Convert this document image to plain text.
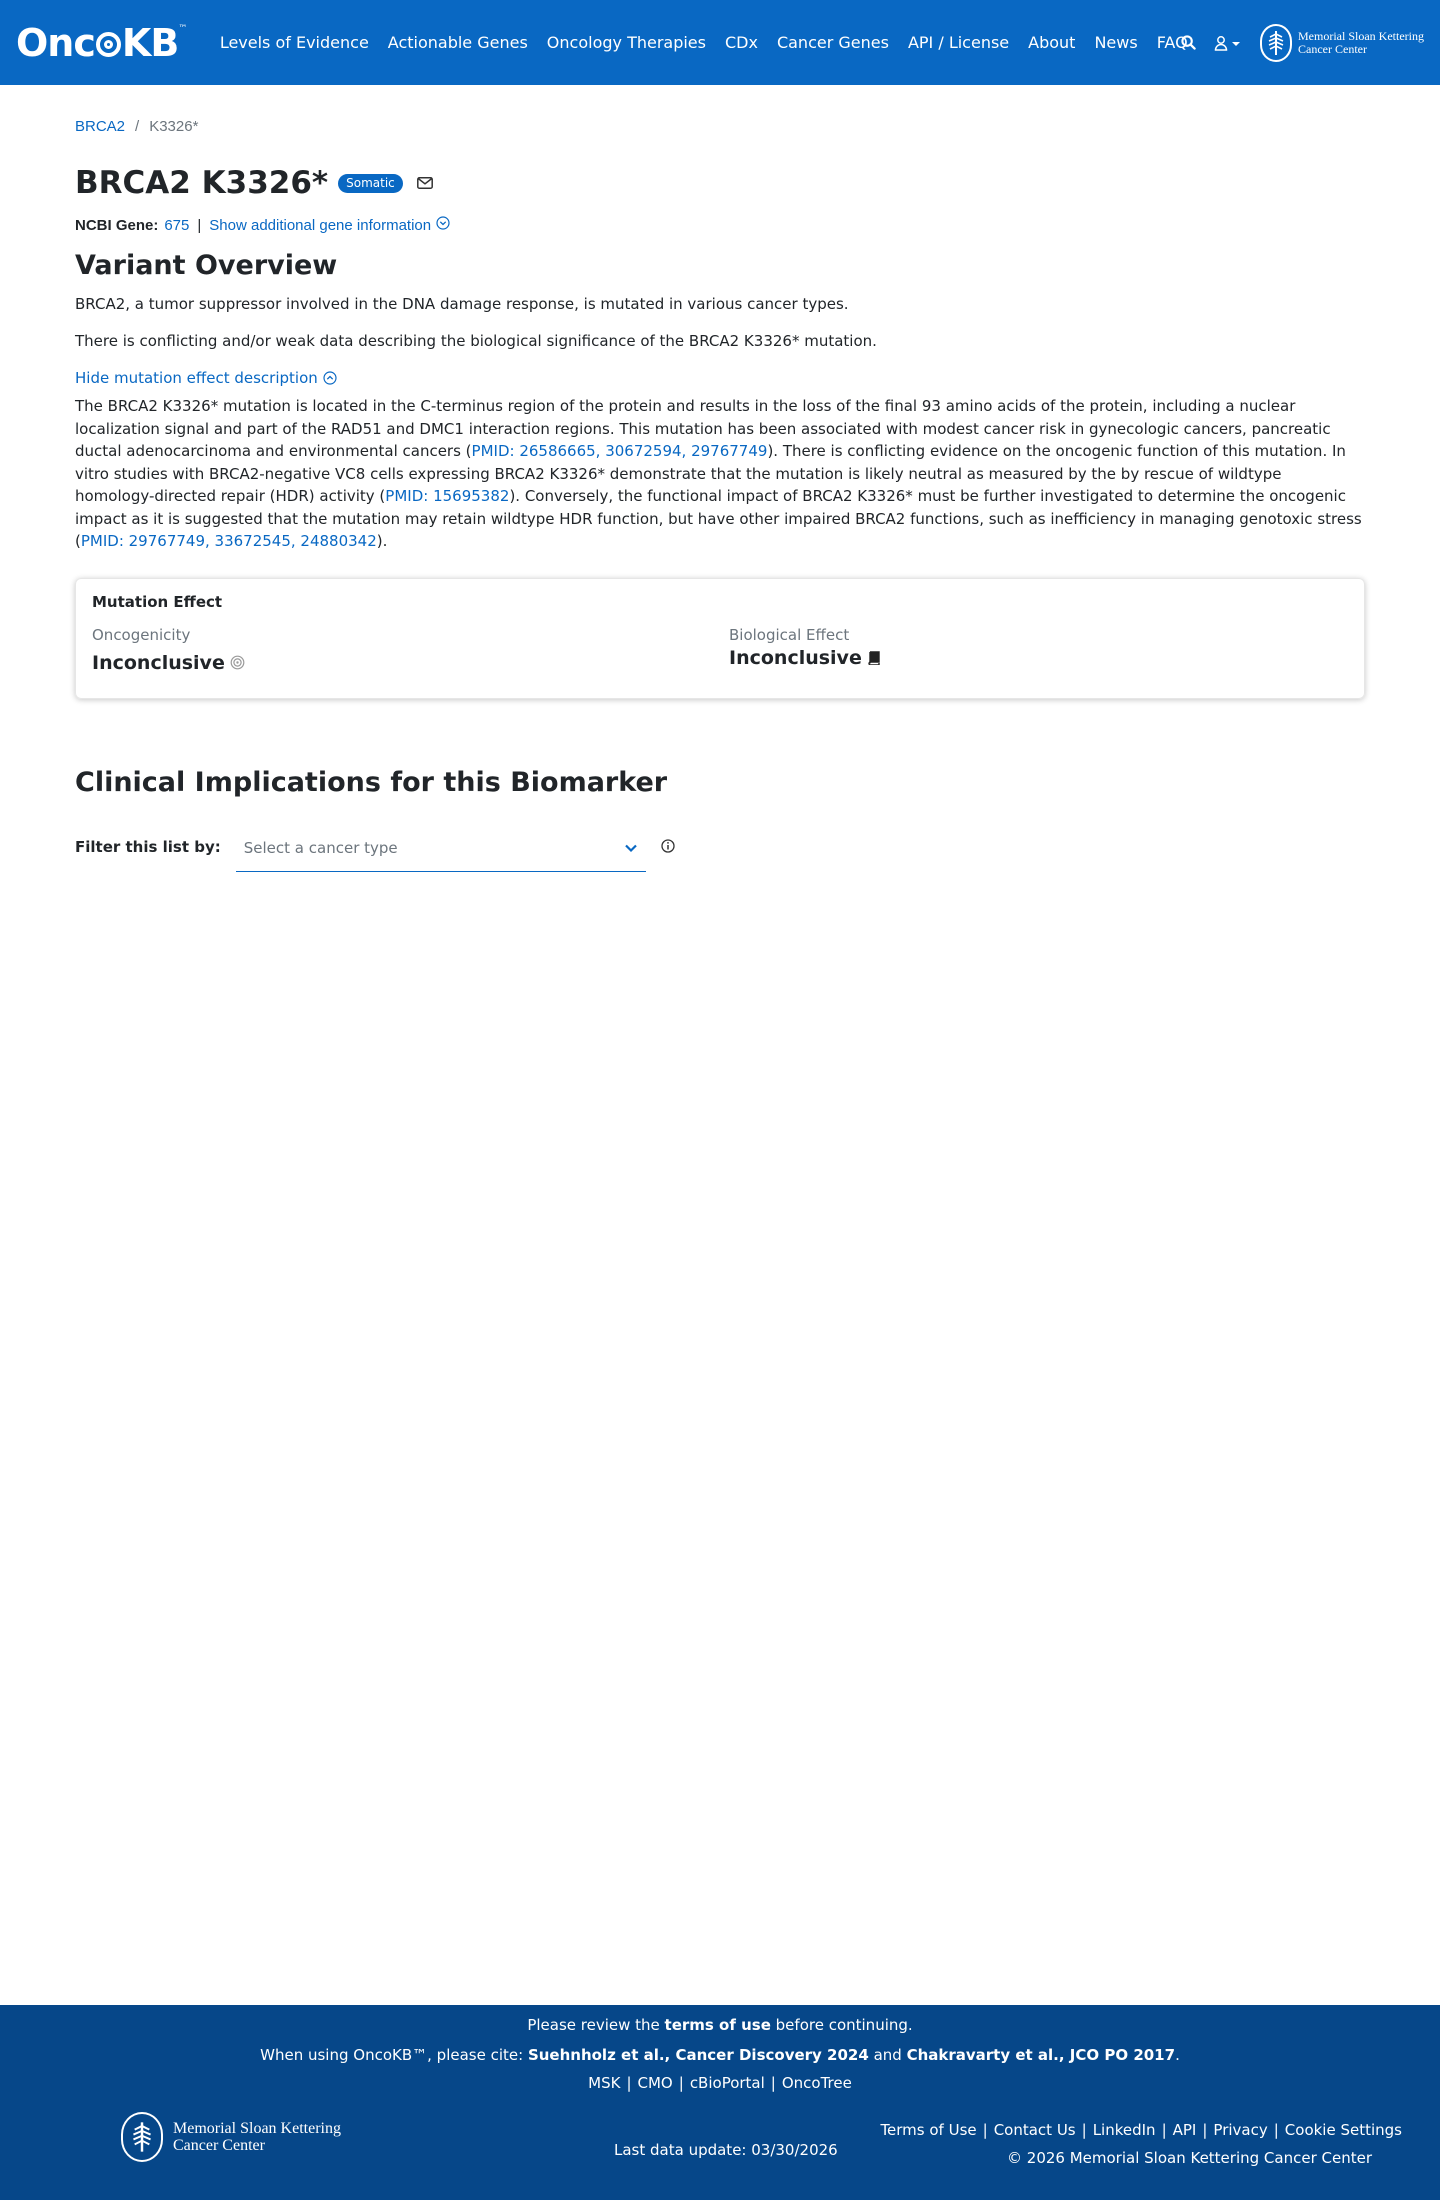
Onc KB ™
Levels of Evidence Actionable Genes Oncology Therapies CDx Cancer Genes API / License About News FAQ	Memorial Sloan Kettering
Cancer Center
BRCA2 / K3326*
BRCA2 K3326*	Somatic
NCBI Gene: 675 | Show additional gene information
Variant Overview

BRCA2, a tumor suppressor involved in the DNA damage response, is mutated in various cancer types.

There is conflicting and/or weak data describing the biological significance of the BRCA2 K3326* mutation.

Hide mutation effect description

The BRCA2 K3326* mutation is located in the C-terminus region of the protein and results in the loss of the final 93 amino acids of the protein, including a nuclear localization signal and part of the RAD51 and DMC1 interaction regions. This mutation has been associated with modest cancer risk in gynecologic cancers, pancreatic ductal adenocarcinoma and environmental cancers (PMID: 26586665, 30672594, 29767749). There is conflicting evidence on the oncogenic function of this mutation. In vitro studies with BRCA2-negative VC8 cells expressing BRCA2 K3326* demonstrate that the mutation is likely neutral as measured by the by rescue of wildtype homology-directed repair (HDR) activity (PMID: 15695382). Conversely, the functional impact of BRCA2 K3326* must be further investigated to determine the oncogenic impact as it is suggested that the mutation may retain wildtype HDR function, but have other impaired BRCA2 functions, such as inefficiency in managing genotoxic stress (PMID: 29767749, 33672545, 24880342).

Mutation Effect
Oncogenicity
Inconclusive
Biological Effect
Inconclusive
Clinical Implications for this Biomarker
Filter this list by: Select a cancer type
Please review the terms of use before continuing.
When using OncoKB™, please cite: Suehnholz et al., Cancer Discovery 2024 and Chakravarty et al., JCO PO 2017.
MSK | CMO | cBioPortal | OncoTree
Memorial Sloan Kettering
Cancer Center	Last data update: 03/30/2026
Terms of Use | Contact Us | LinkedIn | API | Privacy | Cookie Settings
© 2026 Memorial Sloan Kettering Cancer Center
